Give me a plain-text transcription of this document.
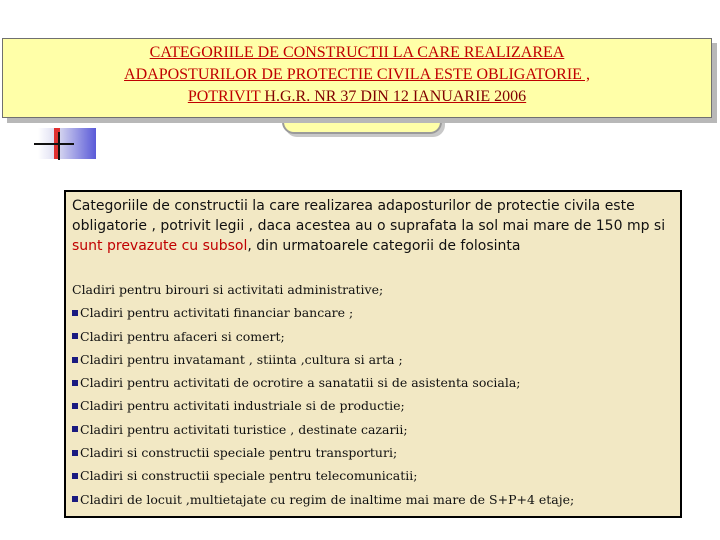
CATEGORIILE DE CONSTRUCTII LA CARE REALIZAREA
ADAPOSTURILOR DE PROTECTIE CIVILA ESTE OBLIGATORIE ,
POTRIVIT H.G.R. NR 37 DIN 12 IANUARIE 2006
Categoriile de constructii la care realizarea adaposturilor de protectie civila este obligatorie , potrivit legii , daca acestea au o suprafata la sol mai mare de 150 mp si sunt prevazute cu subsol, din urmatoarele categorii de folosinta
Cladiri pentru birouri si activitati administrative;
Cladiri pentru activitati financiar bancare ;
Cladiri pentru afaceri si comert;
Cladiri pentru invatamant , stiinta ,cultura si arta ;
Cladiri pentru activitati de ocrotire a sanatatii si de asistenta sociala;
Cladiri pentru activitati industriale si de productie;
Cladiri pentru activitati turistice , destinate cazarii;
Cladiri si constructii speciale pentru transporturi;
Cladiri si constructii speciale pentru telecomunicatii;
Cladiri de locuit ,multietajate cu regim de inaltime mai mare de S+P+4 etaje;
